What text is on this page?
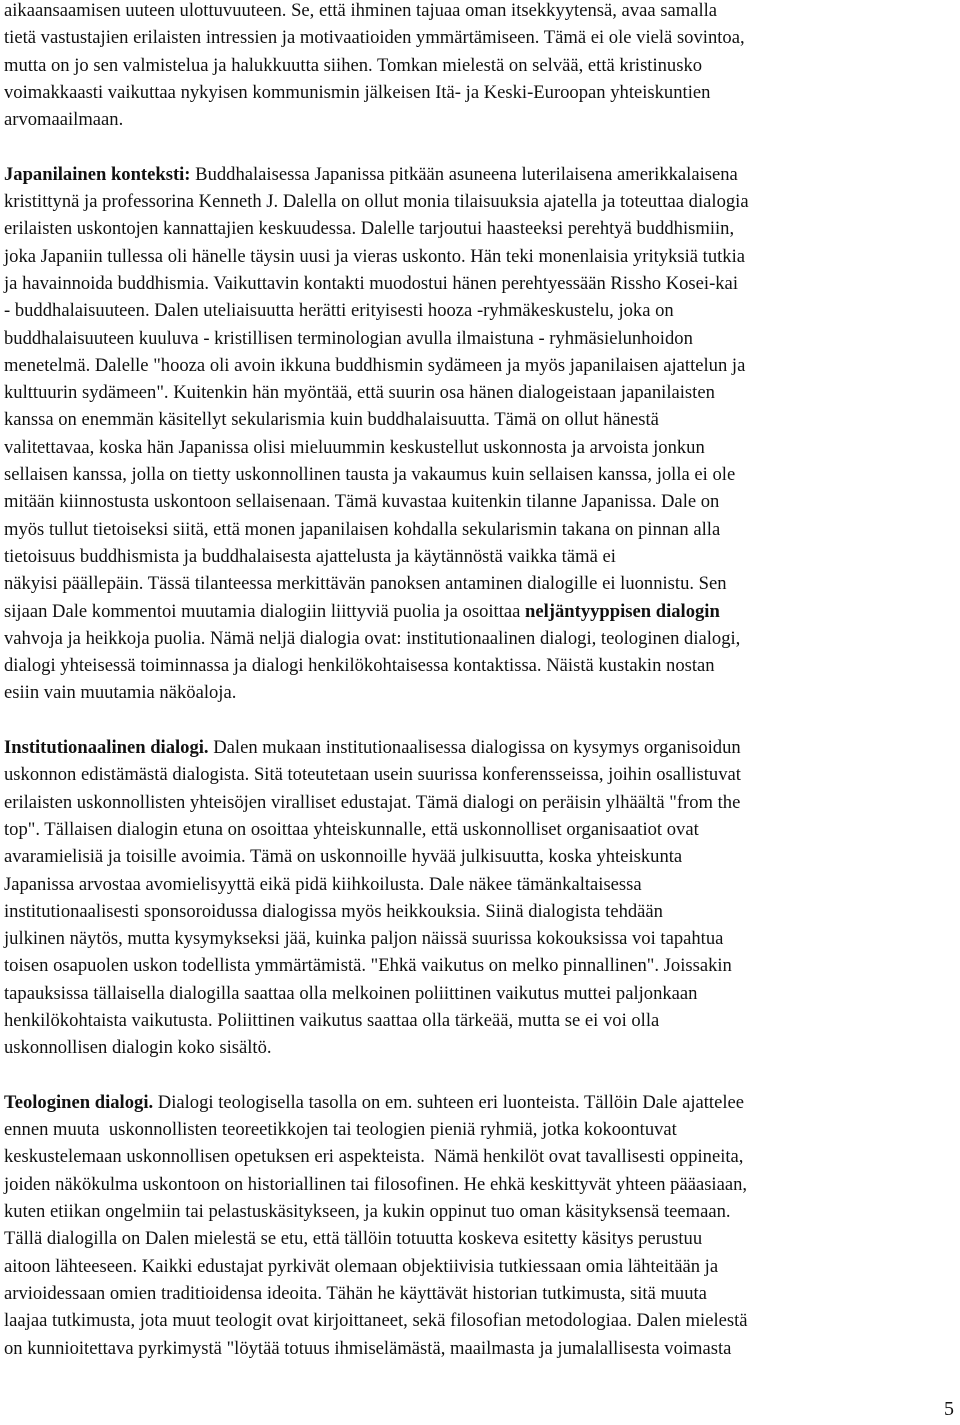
aikaansaamisen uuteen ulottuvuuteen. Se, että ihminen tajuaa oman itsekkyytensä, avaa samalla
tietä vastustajien erilaisten intressien ja motivaatioiden ymmärtämiseen. Tämä ei ole vielä sovintoa,
mutta on jo sen valmistelua ja halukkuutta siihen. Tomkan mielestä on selvää, että kristinusko
voimakkaasti vaikuttaa nykyisen kommunismin jälkeisen Itä- ja Keski-Euroopan yhteiskuntien
arvomaailmaan.
Japanilainen konteksti: Buddhalaisessa Japanissa pitkään asuneena luterilaisena amerikkalaisena
kristittynä ja professorina Kenneth J. Dalella on ollut monia tilaisuuksia ajatella ja toteuttaa dialogia
erilaisten uskontojen kannattajien keskuudessa. Dalelle tarjoutui haasteeksi perehtyä buddhismiin,
joka Japaniin tullessa oli hänelle täysin uusi ja vieras uskonto. Hän teki monenlaisia yrityksiä tutkia
ja havainnoida buddhismia. Vaikuttavin kontakti muodostui hänen perehtyessään Rissho Kosei-kai
- buddhalaisuuteen. Dalen uteliaisuutta herätti erityisesti hooza -ryhmäkeskustelu, joka on
buddhalaisuuteen kuuluva - kristillisen terminologian avulla ilmaistuna - ryhmäsielunhoidon
menetelmä. Dalelle "hooza oli avoin ikkuna buddhismin sydämeen ja myös japanilaisen ajattelun ja
kulttuurin sydämeen". Kuitenkin hän myöntää, että suurin osa hänen dialogeistaan japanilaisten
kanssa on enemmän käsitellyt sekularismia kuin buddhalaisuutta. Tämä on ollut hänestä
valitettavaa, koska hän Japanissa olisi mieluummin keskustellut uskonnosta ja arvoista jonkun
sellaisen kanssa, jolla on tietty uskonnollinen tausta ja vakaumus kuin sellaisen kanssa, jolla ei ole
mitään kiinnostusta uskontoon sellaisenaan. Tämä kuvastaa kuitenkin tilanne Japanissa. Dale on
myös tullut tietoiseksi siitä, että monen japanilaisen kohdalla sekularismin takana on pinnan alla
tietoisuus buddhismista ja buddhalaisesta ajattelusta ja käytännöstä vaikka tämä ei
näkyisi päällepäin. Tässä tilanteessa merkittävän panoksen antaminen dialogille ei luonnistu. Sen
sijaan Dale kommentoi muutamia dialogiin liittyviä puolia ja osoittaa neljäntyyppisen dialogin
vahvoja ja heikkoja puolia. Nämä neljä dialogia ovat: institutionaalinen dialogi, teologinen dialogi,
dialogi yhteisessä toiminnassa ja dialogi henkilökohtaisessa kontaktissa. Näistä kustakin nostan
esiin vain muutamia näköaloja.
Institutionaalinen dialogi. Dalen mukaan institutionaalisessa dialogissa on kysymys organisoidun
uskonnon edistämästä dialogista. Sitä toteutetaan usein suurissa konferensseissa, joihin osallistuvat
erilaisten uskonnollisten yhteisöjen viralliset edustajat. Tämä dialogi on peräisin ylhäältä "from the
top". Tällaisen dialogin etuna on osoittaa yhteiskunnalle, että uskonnolliset organisaatiot ovat
avaramielisiä ja toisille avoimia. Tämä on uskonnoille hyvää julkisuutta, koska yhteiskunta
Japanissa arvostaa avomielisyyttä eikä pidä kiihkoilusta. Dale näkee tämänkaltaisessa
institutionaalisesti sponsoroidussa dialogissa myös heikkouksia. Siinä dialogista tehdään
julkinen näytös, mutta kysymykseksi jää, kuinka paljon näissä suurissa kokouksissa voi tapahtua
toisen osapuolen uskon todellista ymmärtämistä. "Ehkä vaikutus on melko pinnallinen". Joissakin
tapauksissa tällaisella dialogilla saattaa olla melkoinen poliittinen vaikutus muttei paljonkaan
henkilökohtaista vaikutusta. Poliittinen vaikutus saattaa olla tärkeää, mutta se ei voi olla
uskonnollisen dialogin koko sisältö.
Teologinen dialogi. Dialogi teologisella tasolla on em. suhteen eri luonteista. Tällöin Dale ajattelee
ennen muuta  uskonnollisten teoreetikkojen tai teologien pieniä ryhmiä, jotka kokoontuvat
keskustelemaan uskonnollisen opetuksen eri aspekteista.  Nämä henkilöt ovat tavallisesti oppineita,
joiden näkökulma uskontoon on historiallinen tai filosofinen. He ehkä keskittyvät yhteen pääasiaan,
kuten etiikan ongelmiin tai pelastuskäsitykseen, ja kukin oppinut tuo oman käsityksensä teemaan.
Tällä dialogilla on Dalen mielestä se etu, että tällöin totuutta koskeva esitetty käsitys perustuu
aitoon lähteeseen. Kaikki edustajat pyrkivät olemaan objektiivisia tutkiessaan omia lähteitään ja
arvioidessaan omien traditioidensa ideoita. Tähän he käyttävät historian tutkimusta, sitä muuta
laajaa tutkimusta, jota muut teologit ovat kirjoittaneet, sekä filosofian metodologiaa. Dalen mielestä
on kunnioitettava pyrkimystä "löytää totuus ihmiselämästä, maailmasta ja jumalallisesta voimasta
5
